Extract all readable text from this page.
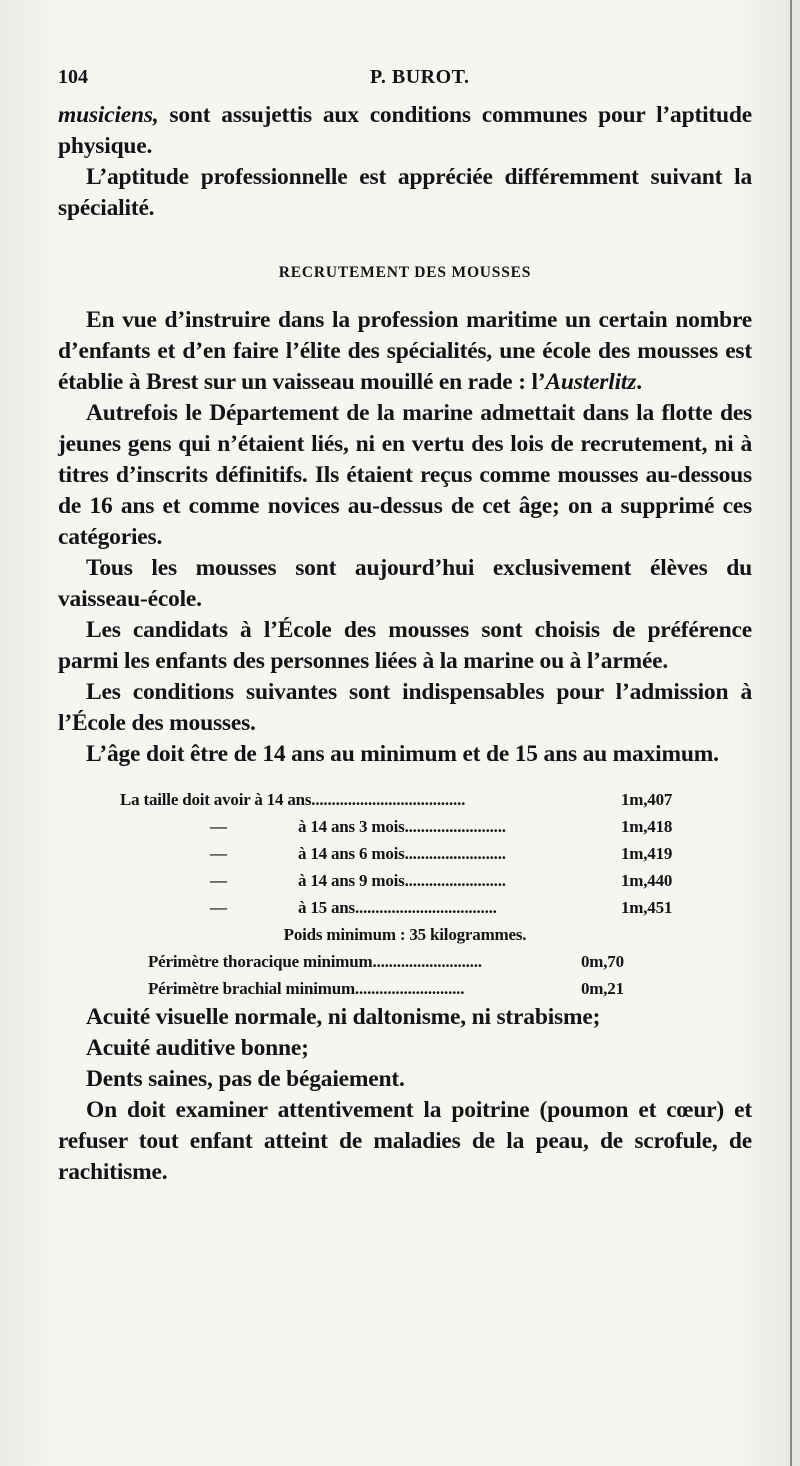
104	P. BUROT.

musiciens, sont assujettis aux conditions communes pour l’aptitude physique.

L’aptitude professionnelle est appréciée différemment suivant la spécialité.

RECRUTEMENT DES MOUSSES

En vue d’instruire dans la profession maritime un certain nombre d’enfants et d’en faire l’élite des spécialités, une école des mousses est établie à Brest sur un vaisseau mouillé en rade : l’Austerlitz.

Autrefois le Département de la marine admettait dans la flotte des jeunes gens qui n’étaient liés, ni en vertu des lois de recrutement, ni à titres d’inscrits définitifs. Ils étaient reçus comme mousses au-dessous de 16 ans et comme novices au-dessus de cet âge; on a supprimé ces catégories.

Tous les mousses sont aujourd’hui exclusivement élèves du vaisseau-école.

Les candidats à l’École des mousses sont choisis de préférence parmi les enfants des personnes liées à la marine ou à l’armée.

Les conditions suivantes sont indispensables pour l’admission à l’École des mousses.

L’âge doit être de 14 ans au minimum et de 15 ans au maximum.

La taille doit avoir à 14 ans......................................	1m,407
—	à 14 ans 3 mois.........................	1m,418
—	à 14 ans 6 mois.........................	1m,419
—	à 14 ans 9 mois.........................	1m,440
—	à 15 ans...................................	1m,451
Poids minimum : 35 kilogrammes.
Périmètre thoracique minimum...........................	0m,70
Périmètre brachial minimum...........................	0m,21

Acuité visuelle normale, ni daltonisme, ni strabisme;

Acuité auditive bonne;

Dents saines, pas de bégaiement.

On doit examiner attentivement la poitrine (poumon et cœur) et refuser tout enfant atteint de maladies de la peau, de scrofule, de rachitisme.
